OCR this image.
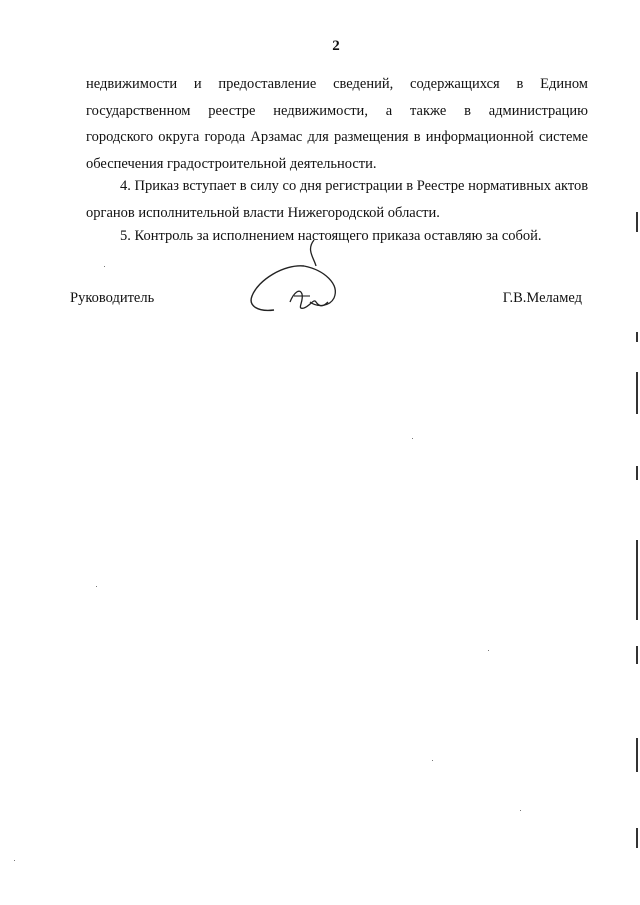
2
недвижимости и предоставление сведений, содержащихся в Едином
государственном реестре недвижимости, а также в администрацию
городского округа города Арзамас для размещения в информационной системе
обеспечения градостроительной деятельности.
4. Приказ вступает в силу со дня регистрации в Реестре нормативных актов
органов исполнительной власти Нижегородской области.
5. Контроль за исполнением настоящего приказа оставляю за собой.
Руководитель	Г.В.Меламед
